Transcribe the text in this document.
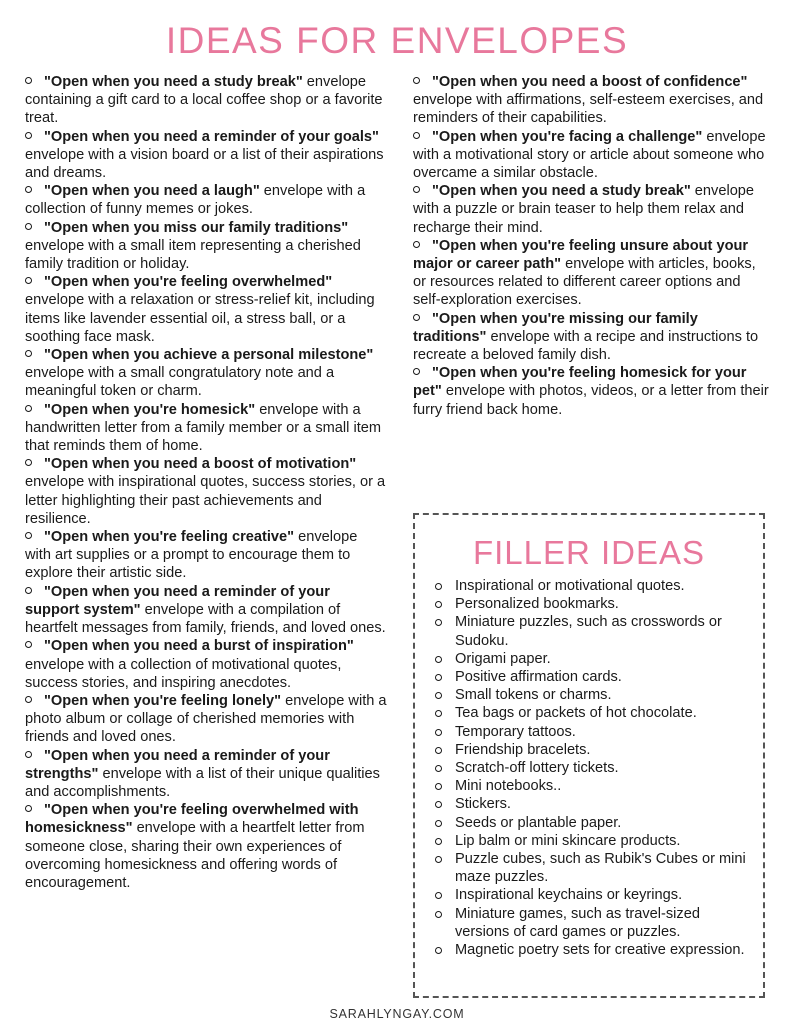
IDEAS FOR ENVELOPES
"Open when you need a study break" envelope containing a gift card to a local coffee shop or a favorite treat.
"Open when you need a reminder of your goals" envelope with a vision board or a list of their aspirations and dreams.
"Open when you need a laugh" envelope with a collection of funny memes or jokes.
"Open when you miss our family traditions" envelope with a small item representing a cherished family tradition or holiday.
"Open when you're feeling overwhelmed" envelope with a relaxation or stress-relief kit, including items like lavender essential oil, a stress ball, or a soothing face mask.
"Open when you achieve a personal milestone" envelope with a small congratulatory note and a meaningful token or charm.
"Open when you're homesick" envelope with a handwritten letter from a family member or a small item that reminds them of home.
"Open when you need a boost of motivation" envelope with inspirational quotes, success stories, or a letter highlighting their past achievements and resilience.
"Open when you're feeling creative" envelope with art supplies or a prompt to encourage them to explore their artistic side.
"Open when you need a reminder of your support system" envelope with a compilation of heartfelt messages from family, friends, and loved ones.
"Open when you need a burst of inspiration" envelope with a collection of motivational quotes, success stories, and inspiring anecdotes.
"Open when you're feeling lonely" envelope with a photo album or collage of cherished memories with friends and loved ones.
"Open when you need a reminder of your strengths" envelope with a list of their unique qualities and accomplishments.
"Open when you're feeling overwhelmed with homesickness" envelope with a heartfelt letter from someone close, sharing their own experiences of overcoming homesickness and offering words of encouragement.
"Open when you need a boost of confidence" envelope with affirmations, self-esteem exercises, and reminders of their capabilities.
"Open when you're facing a challenge" envelope with a motivational story or article about someone who overcame a similar obstacle.
"Open when you need a study break" envelope with a puzzle or brain teaser to help them relax and recharge their mind.
"Open when you're feeling unsure about your major or career path" envelope with articles, books, or resources related to different career options and self-exploration exercises.
"Open when you're missing our family traditions" envelope with a recipe and instructions to recreate a beloved family dish.
"Open when you're feeling homesick for your pet" envelope with photos, videos, or a letter from their furry friend back home.
FILLER IDEAS
Inspirational or motivational quotes.
Personalized bookmarks.
Miniature puzzles, such as crosswords or Sudoku.
Origami paper.
Positive affirmation cards.
Small tokens or charms.
Tea bags or packets of hot chocolate.
Temporary tattoos.
Friendship bracelets.
Scratch-off lottery tickets.
Mini notebooks..
Stickers.
Seeds or plantable paper.
Lip balm or mini skincare products.
Puzzle cubes, such as Rubik's Cubes or mini maze puzzles.
Inspirational keychains or keyrings.
Miniature games, such as travel-sized versions of card games or puzzles.
Magnetic poetry sets for creative expression.

SARAHLYNGAY.COM
